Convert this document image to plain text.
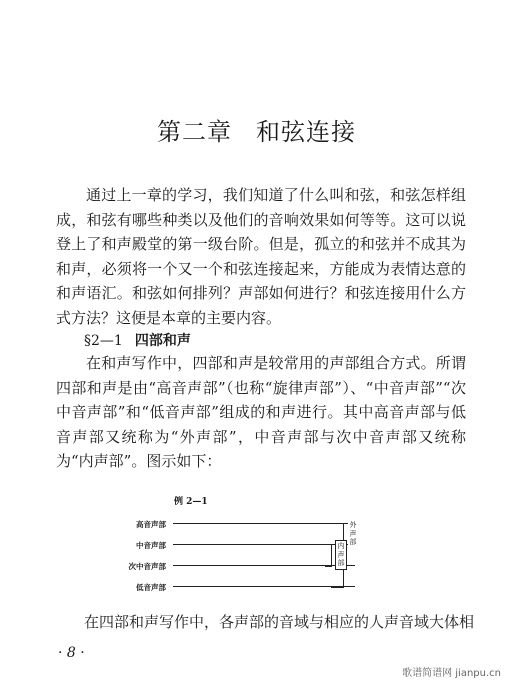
第二章 和弦连接

通过上一章的学习，我们知道了什么叫和弦，和弦怎样组成，和弦有哪些种类以及他们的音响效果如何等等。这可以说登上了和声殿堂的第一级台阶。但是，孤立的和弦并不成其为和声，必须将一个又一个和弦连接起来，方能成为表情达意的和声语汇。和弦如何排列？声部如何进行？和弦连接用什么方式方法？这便是本章的主要内容。

§2—1 四部和声

在和声写作中，四部和声是较常用的声部组合方式。所谓四部和声是由“高音声部”（也称“旋律声部”）、“中音声部”“次中音声部”和“低音声部”组成的和声进行。其中高音声部与低音声部又统称为“外声部”，中音声部与次中音声部又统称为“内声部”。图示如下：

例 2—1
高音声部
中音声部
次中音声部
低音声部
内
声
部
外
声
部

在四部和声写作中，各声部的音域与相应的人声音域大体相

· 8 ·
歌谱简谱网 jianpu.cn
